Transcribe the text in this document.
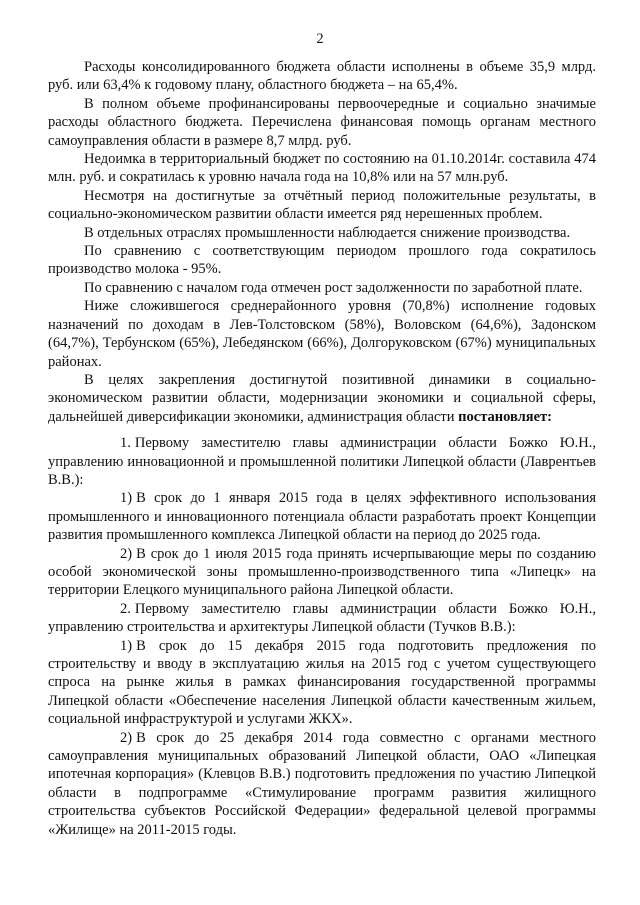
2

Расходы консолидированного бюджета области исполнены в объеме 35,9 млрд. руб. или 63,4% к годовому плану, областного бюджета – на 65,4%.

В полном объеме профинансированы первоочередные и социально значимые расходы областного бюджета. Перечислена финансовая помощь органам местного самоуправления области в размере 8,7 млрд. руб.

Недоимка в территориальный бюджет по состоянию на 01.10.2014г. составила 474 млн. руб. и сократилась к уровню начала года на 10,8% или на 57 млн.руб.

Несмотря на достигнутые за отчётный период положительные результаты, в социально-экономическом развитии области имеется ряд нерешенных проблем.

В отдельных отраслях промышленности наблюдается снижение производства.

По сравнению с соответствующим периодом прошлого года сократилось производство молока - 95%.

По сравнению с началом года отмечен рост задолженности по заработной плате.

Ниже сложившегося среднерайонного уровня (70,8%) исполнение годовых назначений по доходам в Лев-Толстовском (58%), Воловском (64,6%), Задонском (64,7%), Тербунском (65%), Лебедянском (66%), Долгоруковском (67%) муниципальных районах.

В целях закрепления достигнутой позитивной динамики в социально-экономическом развитии области, модернизации экономики и социальной сферы, дальнейшей диверсификации экономики, администрация области постановляет:

1. Первому заместителю главы администрации области Божко Ю.Н., управлению инновационной и промышленной политики Липецкой области (Лаврентьев В.В.):

1) В срок до 1 января 2015 года в целях эффективного использования промышленного и инновационного потенциала области разработать проект Концепции развития промышленного комплекса Липецкой области на период до 2025 года.

2) В срок до 1 июля 2015 года принять исчерпывающие меры по созданию особой экономической зоны промышленно-производственного типа «Липецк» на территории Елецкого муниципального района Липецкой области.

2. Первому заместителю главы администрации области Божко Ю.Н., управлению строительства и архитектуры Липецкой области (Тучков В.В.):

1) В срок до 15 декабря 2015 года подготовить предложения по строительству и вводу в эксплуатацию жилья на 2015 год с учетом существующего спроса на рынке жилья в рамках финансирования государственной программы Липецкой области «Обеспечение населения Липецкой области качественным жильем, социальной инфраструктурой и услугами ЖКХ».

2) В срок до 25 декабря 2014 года совместно с органами местного самоуправления муниципальных образований Липецкой области, ОАО «Липецкая ипотечная корпорация» (Клевцов В.В.) подготовить предложения по участию Липецкой области в подпрограмме «Стимулирование программ развития жилищного строительства субъектов Российской Федерации» федеральной целевой программы «Жилище» на 2011-2015 годы.
